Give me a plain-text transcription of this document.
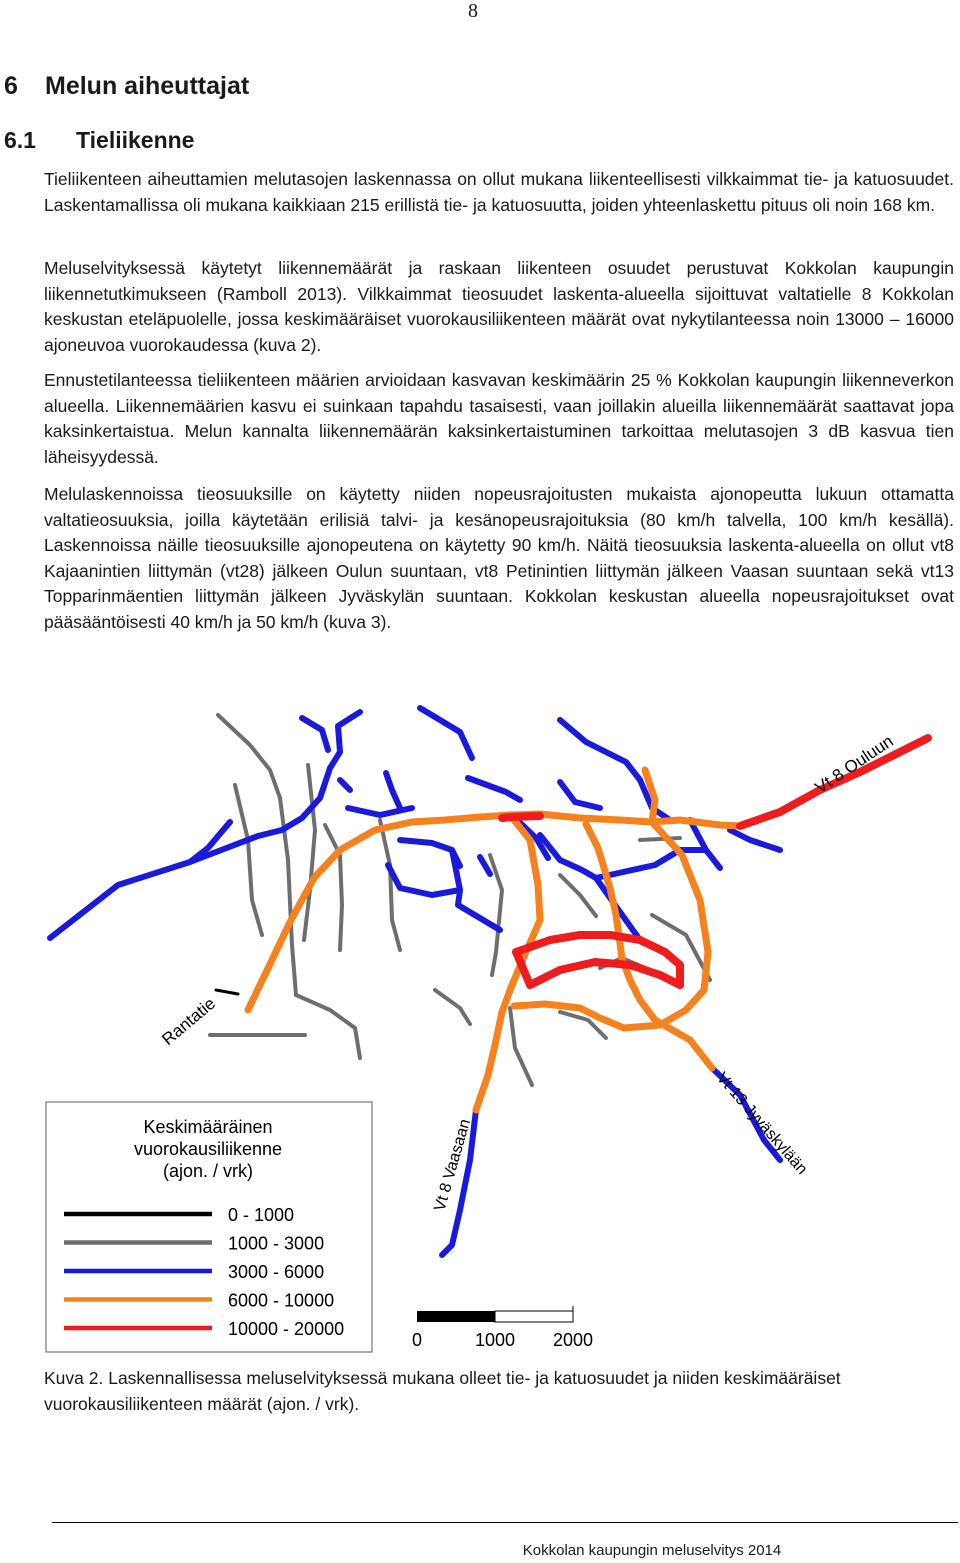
8
6 Melun aiheuttajat
6.1 Tieliikenne

Tieliikenteen aiheuttamien melutasojen laskennassa on ollut mukana liikenteellisesti vilkkaimmat tie- ja katuosuudet. Laskentamallissa oli mukana kaikkiaan 215 erillistä tie- ja katuosuutta, joiden yhteenlaskettu pituus oli noin 168 km.

Meluselvityksessä käytetyt liikennemäärät ja raskaan liikenteen osuudet perustuvat Kokkolan kaupungin liikennetutkimukseen (Ramboll 2013). Vilkkaimmat tieosuudet laskenta-alueella sijoittuvat valtatielle 8 Kokkolan keskustan eteläpuolelle, jossa keskimääräiset vuorokausiliikenteen määrät ovat nykytilanteessa noin 13000 – 16000 ajoneuvoa vuorokaudessa (kuva 2).

Ennustetilanteessa tieliikenteen määrien arvioidaan kasvavan keskimäärin 25 % Kokkolan kaupungin liikenneverkon alueella. Liikennemäärien kasvu ei suinkaan tapahdu tasaisesti, vaan joillakin alueilla liikennemäärät saattavat jopa kaksinkertaistua. Melun kannalta liikennemäärän kaksinkertaistuminen tarkoittaa melutasojen 3 dB kasvua tien läheisyydessä.

Melulaskennoissa tieosuuksille on käytetty niiden nopeusrajoitusten mukaista ajonopeutta lukuun ottamatta valtatieosuuksia, joilla käytetään erilisiä talvi- ja kesänopeusrajoituksia (80 km/h talvella, 100 km/h kesällä). Laskennoissa näille tieosuuksille ajonopeutena on käytetty 90 km/h. Näitä tieosuuksia laskenta-alueella on ollut vt8 Kajaanintien liittymän (vt28) jälkeen Oulun suuntaan, vt8 Petinintien liittymän jälkeen Vaasan suuntaan sekä vt13 Topparinmäentien liittymän jälkeen Jyväskylän suuntaan. Kokkolan keskustan alueella nopeusrajoitukset ovat pääsääntöisesti 40 km/h ja 50 km/h (kuva 3).

Vt 8 Ouluun
Rantatie
Vt 8 Vaasaan	Vt 13 Jyväskylään
Keskimääräinen
vuorokausiliikenne
(ajon. / vrk)
0 - 1000
1000 - 3000
3000 - 6000
6000 - 10000
10000 - 20000
0	1000 2000
Kuva 2. Laskennallisessa meluselvityksessä mukana olleet tie- ja katuosuudet ja niiden keskimääräiset vuorokausiliikenteen määrät (ajon. / vrk).
Kokkolan kaupungin meluselvitys 2014
